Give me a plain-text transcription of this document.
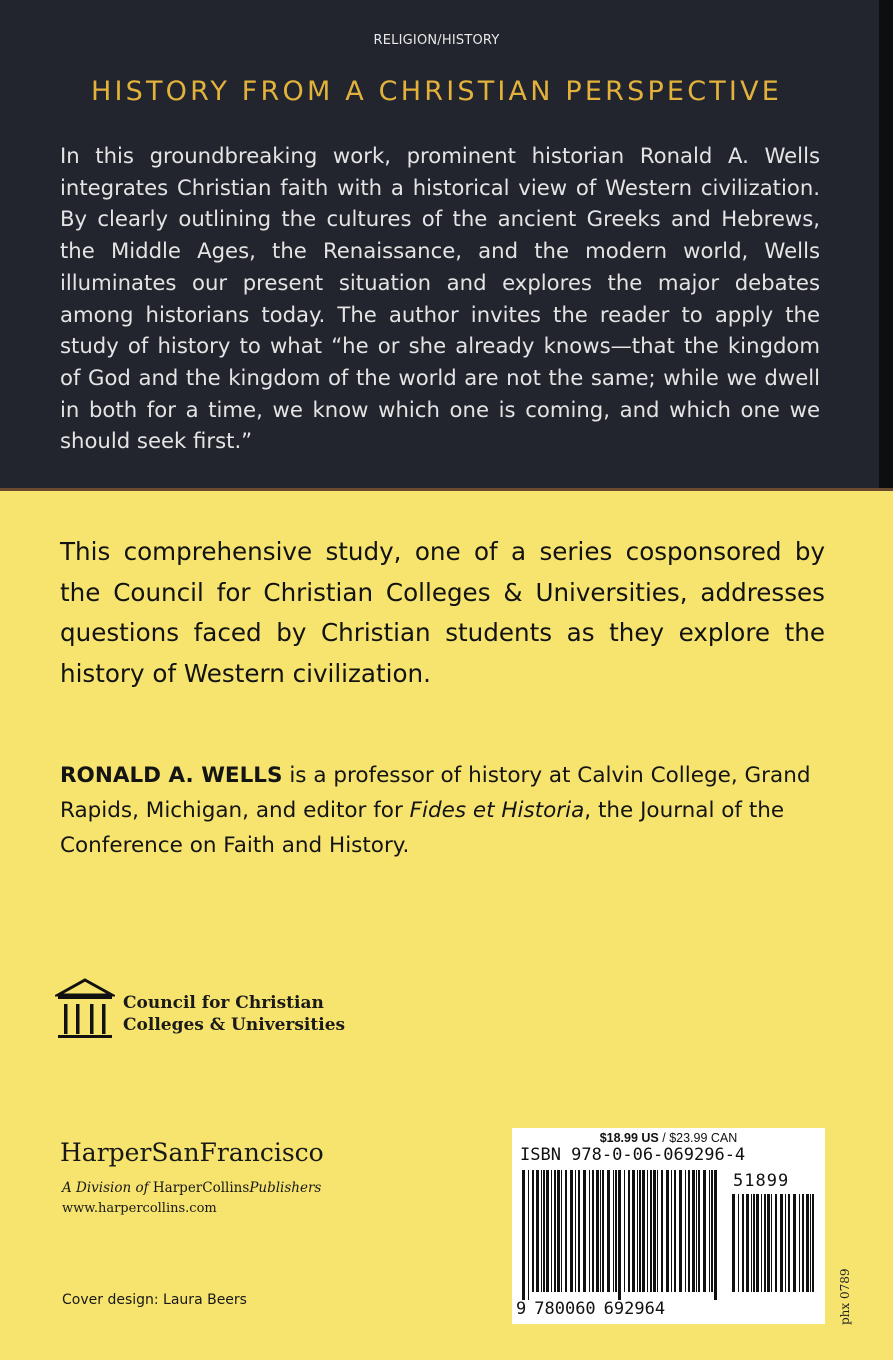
RELIGION/HISTORY
HISTORY FROM A CHRISTIAN PERSPECTIVE

In this groundbreaking work, prominent historian Ronald A. Wells integrates Christian faith with a historical view of Western civilization. By clearly outlining the cultures of the ancient Greeks and Hebrews, the Middle Ages, the Renaissance, and the modern world, Wells illuminates our present situation and explores the major debates among historians today. The author invites the reader to apply the study of history to what “he or she already knows—that the kingdom of God and the kingdom of the world are not the same; while we dwell in both for a time, we know which one is coming, and which one we should seek first.”

This comprehensive study, one of a series cosponsored by the Council for Christian Colleges & Universities, addresses questions faced by Christian students as they explore the history of Western civilization.

RONALD A. WELLS is a professor of history at Calvin College, Grand Rapids, Michigan, and editor for Fides et Historia, the Journal of the Conference on Faith and History.

Council for Christian
Colleges & Universities
HarperSanFrancisco
A Division of HarperCollinsPublishers
www.harpercollins.com
Cover design: Laura Beers
$18.99 US / $23.99 CAN
ISBN 978-0-06-069296-4
51899
9 780060 692964	phx 0789
